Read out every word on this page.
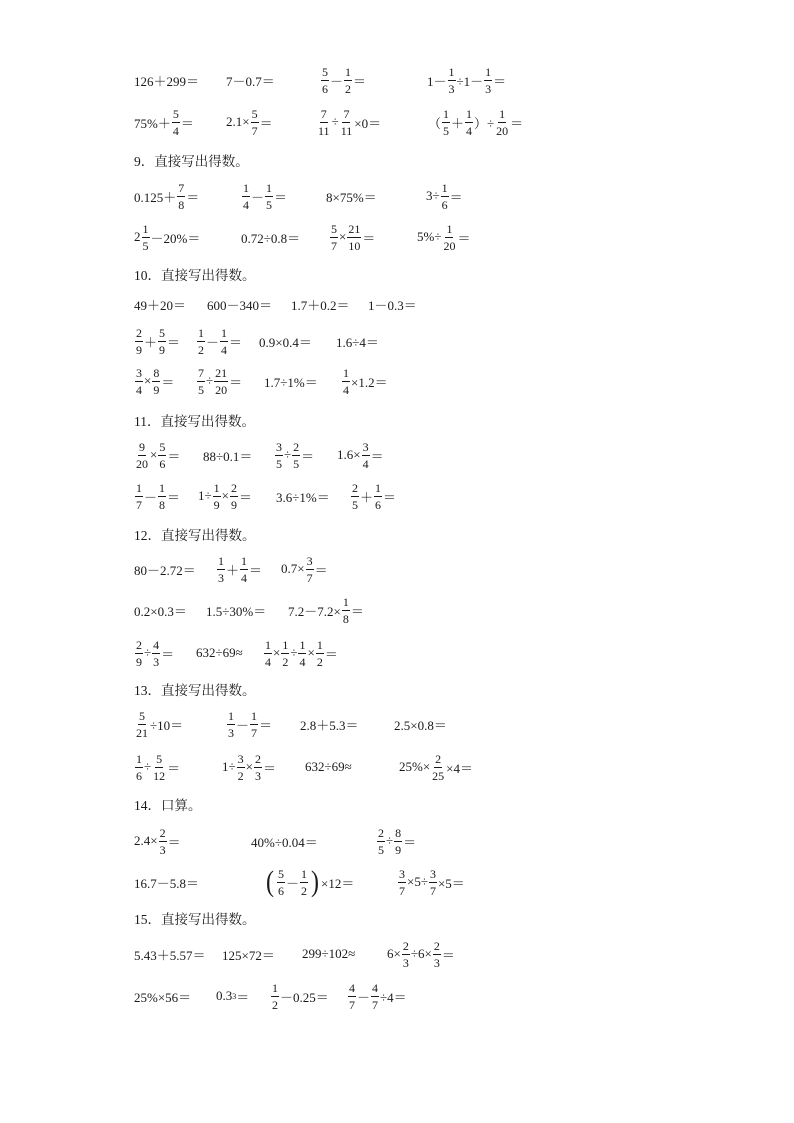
126＋299＝ 7－0.7＝	$\frac{5}{6} - \frac{1}{2}$ ＝	$1- \frac{1}{3} \div 1- \frac{1}{3}$ ＝
$75\%+ \frac{5}{4} = 2.1\times \frac{5}{7}$ ＝	$\frac{7}{11} \div \frac{7}{11} \times 0=$	（ $\frac{1}{5} + \frac{1}{4}$ ）÷ $\frac{1}{20}$ ＝
9．直接写出得数。
$0.125+ \frac{7}{8}$ ＝	$\frac{1}{4} - \frac{1}{5}$ ＝	8×75%＝	$3\div \frac{1}{6}$ ＝
$2 \frac{1}{5} -20\%=$	$0.72\div 0.8= \frac{5}{7} \times \frac{21}{10}$ ＝	$5\%\div \frac{1}{20}$ ＝
10．直接写出得数。
49＋20＝ 600－340＝ 1.7＋0.2＝ 1－0.3＝
$\frac{2}{9} + \frac{5}{9} = \frac{1}{2} - \frac{1}{4} = 0.9\times 0.4= 1.6\div 4=$
$\frac{3}{4} \times \frac{8}{9} = \frac{7}{5} \div \frac{21}{20} = 1.7\div 1\%= \frac{1}{4} \times 1.2=$
11．直接写出得数。
$\frac{9}{20} \times \frac{5}{6} = 88\div 0.1= \frac{3}{5} \div \frac{2}{5} = 1.6\times \frac{3}{4}$ ＝
$\frac{1}{7} - \frac{1}{8} = 1\div \frac{1}{9} \times \frac{2}{9} = 3.6\div 1\%= \frac{2}{5} + \frac{1}{6}$ ＝
12．直接写出得数。
$80-2.72= \frac{1}{3} + \frac{1}{4} = 0.7\times \frac{3}{7}$ ＝
$0.2\times 0.3= 1.5\div 30\%= 7.2-7.2\times \frac{1}{8}$ ＝
$\frac{2}{9} \div \frac{4}{3} = 632\div 69\approx \frac{1}{4} \times \frac{1}{2} \div \frac{1}{4} \times \frac{1}{2}$ ＝
13．直接写出得数。
$\frac{5}{21} \div 10=$	$\frac{1}{3} - \frac{1}{7} = 2.8+5.3=$	2.5×0.8＝
$\frac{1}{6} \div \frac{5}{12}$ ＝	$1\div \frac{3}{2} \times \frac{2}{3} = 632\div 69\approx$	$25\%\times \frac{2}{25} \times 4=$
14．口算。
$2.4\times \frac{2}{3}$ ＝	40%÷0.04＝	$\frac{2}{5} \div \frac{8}{9}$ ＝
16.7－5.8＝ ( $\frac{5}{6} - \frac{1}{2}$ ) ×12＝	$\frac{3}{7} \times 5\div \frac{3}{7} \times 5=$
15．直接写出得数。
$5.43+5.57= 125\times 72= 299\div 102\approx 6\times \frac{2}{3} \div 6\times \frac{2}{3}$ ＝
25%×56＝ 0.3 $3 = \frac{1}{2} -0.25= \frac{4}{7} - \frac{4}{7} \div 4=$
